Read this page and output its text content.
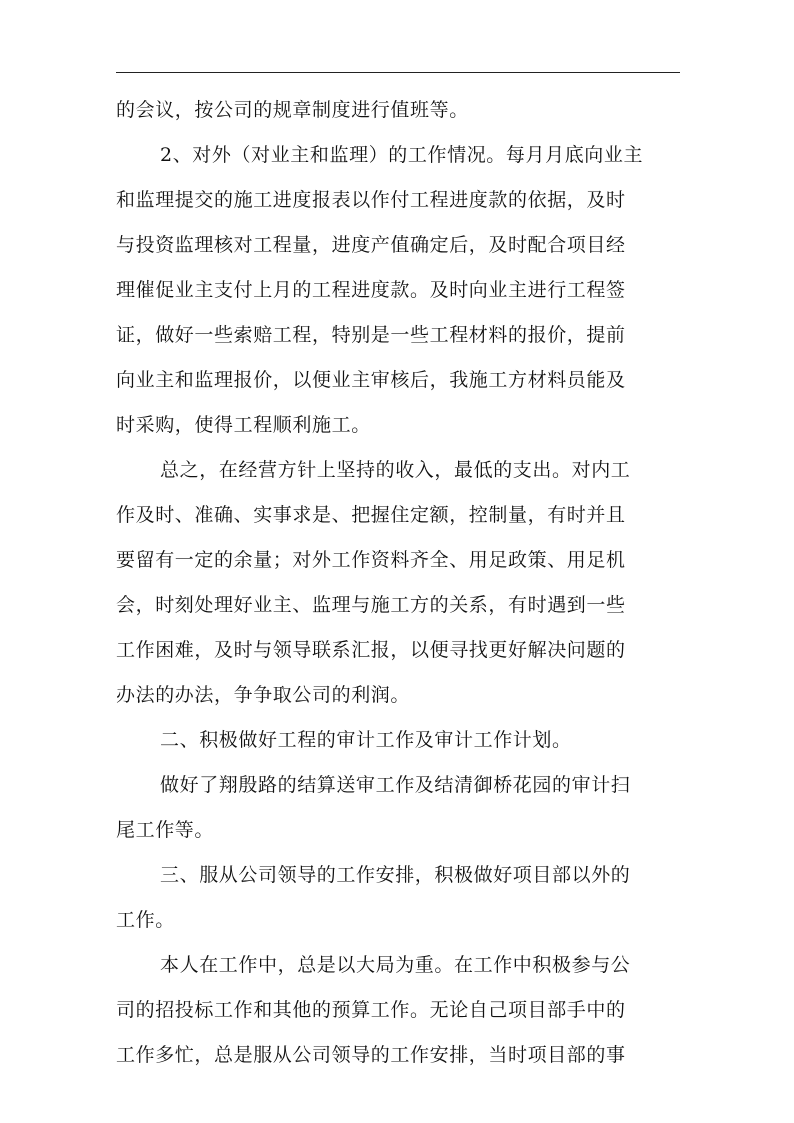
的会议，按公司的规章制度进行值班等。
2、对外（对业主和监理）的工作情况。每月月底向业主
和监理提交的施工进度报表以作付工程进度款的依据，及时
与投资监理核对工程量，进度产值确定后，及时配合项目经
理催促业主支付上月的工程进度款。及时向业主进行工程签
证，做好一些索赔工程，特别是一些工程材料的报价，提前
向业主和监理报价，以便业主审核后，我施工方材料员能及
时采购，使得工程顺利施工。
总之，在经营方针上坚持的收入，最低的支出。对内工
作及时、准确、实事求是、把握住定额，控制量，有时并且
要留有一定的余量；对外工作资料齐全、用足政策、用足机
会，时刻处理好业主、监理与施工方的关系，有时遇到一些
工作困难，及时与领导联系汇报，以便寻找更好解决问题的
办法的办法，争争取公司的利润。
二、积极做好工程的审计工作及审计工作计划。
做好了翔殷路的结算送审工作及结清御桥花园的审计扫
尾工作等。
三、服从公司领导的工作安排，积极做好项目部以外的
工作。
本人在工作中，总是以大局为重。在工作中积极参与公
司的招投标工作和其他的预算工作。无论自己项目部手中的
工作多忙，总是服从公司领导的工作安排，当时项目部的事
